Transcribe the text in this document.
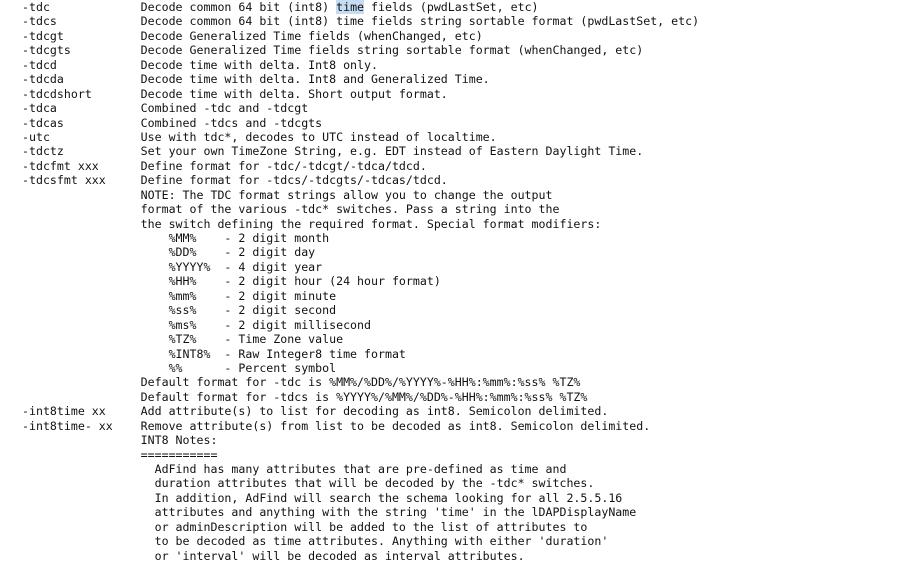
-tdc             Decode common 64 bit (int8) time fields (pwdLastSet, etc)
-tdcs            Decode common 64 bit (int8) time fields string sortable format (pwdLastSet, etc)
-tdcgt           Decode Generalized Time fields (whenChanged, etc)
-tdcgts          Decode Generalized Time fields string sortable format (whenChanged, etc)
-tdcd            Decode time with delta. Int8 only.
-tdcda           Decode time with delta. Int8 and Generalized Time.
-tdcdshort       Decode time with delta. Short output format.
-tdca            Combined -tdc and -tdcgt
-tdcas           Combined -tdcs and -tdcgts
-utc             Use with tdc*, decodes to UTC instead of localtime.
-tdctz           Set your own TimeZone String, e.g. EDT instead of Eastern Daylight Time.
-tdcfmt xxx      Define format for -tdc/-tdcgt/-tdca/tdcd.
-tdcsfmt xxx     Define format for -tdcs/-tdcgts/-tdcas/tdcd.
NOTE: The TDC format strings allow you to change the output
format of the various -tdc* switches. Pass a string into the
the switch defining the required format. Special format modifiers:
%MM%    - 2 digit month
%DD%    - 2 digit day
%YYYY%  - 4 digit year
%HH%    - 2 digit hour (24 hour format)
%mm%    - 2 digit minute
%ss%    - 2 digit second
%ms%    - 2 digit millisecond
%TZ%    - Time Zone value
%INT8%  - Raw Integer8 time format
%%      - Percent symbol
Default format for -tdc is %MM%/%DD%/%YYYY%-%HH%:%mm%:%ss% %TZ%
Default format for -tdcs is %YYYY%/%MM%/%DD%-%HH%:%mm%:%ss% %TZ%
-int8time xx     Add attribute(s) to list for decoding as int8. Semicolon delimited.
-int8time- xx    Remove attribute(s) from list to be decoded as int8. Semicolon delimited.
INT8 Notes:
===========
AdFind has many attributes that are pre-defined as time and
duration attributes that will be decoded by the -tdc* switches.
In addition, AdFind will search the schema looking for all 2.5.5.16
attributes and anything with the string 'time' in the lDAPDisplayName
or adminDescription will be added to the list of attributes to
to be decoded as time attributes. Anything with either 'duration'
or 'interval' will be decoded as interval attributes.
